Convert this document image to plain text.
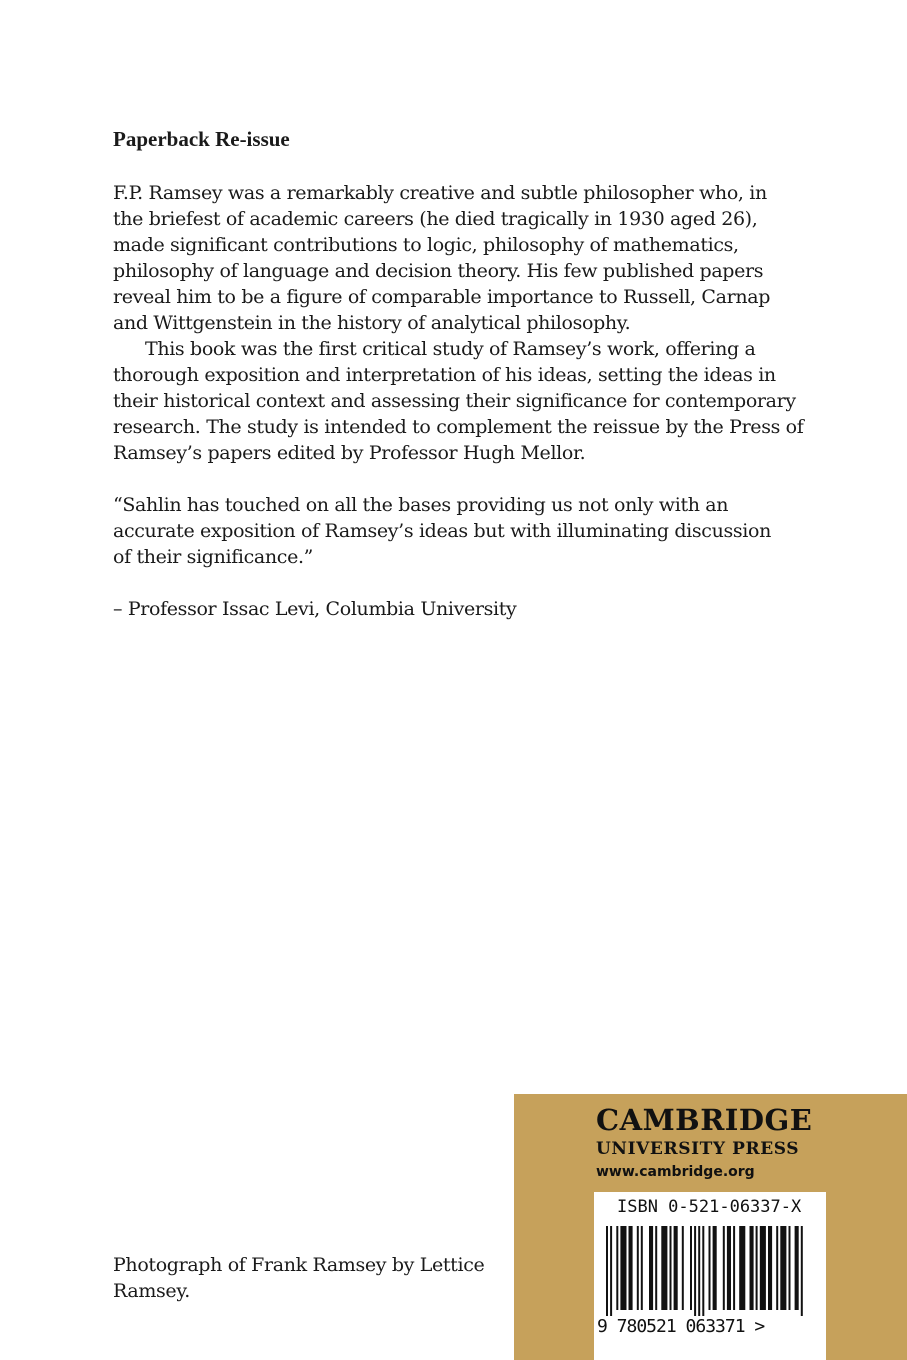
Paperback Re-issue
F.P. Ramsey was a remarkably creative and subtle philosopher who, in
the briefest of academic careers (he died tragically in 1930 aged 26),
made significant contributions to logic, philosophy of mathematics,
philosophy of language and decision theory. His few published papers
reveal him to be a figure of comparable importance to Russell, Carnap
and Wittgenstein in the history of analytical philosophy.
This book was the first critical study of Ramsey’s work, offering a
thorough exposition and interpretation of his ideas, setting the ideas in
their historical context and assessing their significance for contemporary
research. The study is intended to complement the reissue by the Press of
Ramsey’s papers edited by Professor Hugh Mellor.
“Sahlin has touched on all the bases providing us not only with an
accurate exposition of Ramsey’s ideas but with illuminating discussion
of their significance.”
– Professor Issac Levi, Columbia University
Photograph of Frank Ramsey by Lettice
Ramsey.
CAMBRIDGE
UNIVERSITY PRESS
www.cambridge.org
ISBN 0-521-06337-X
9 780521 063371 >
